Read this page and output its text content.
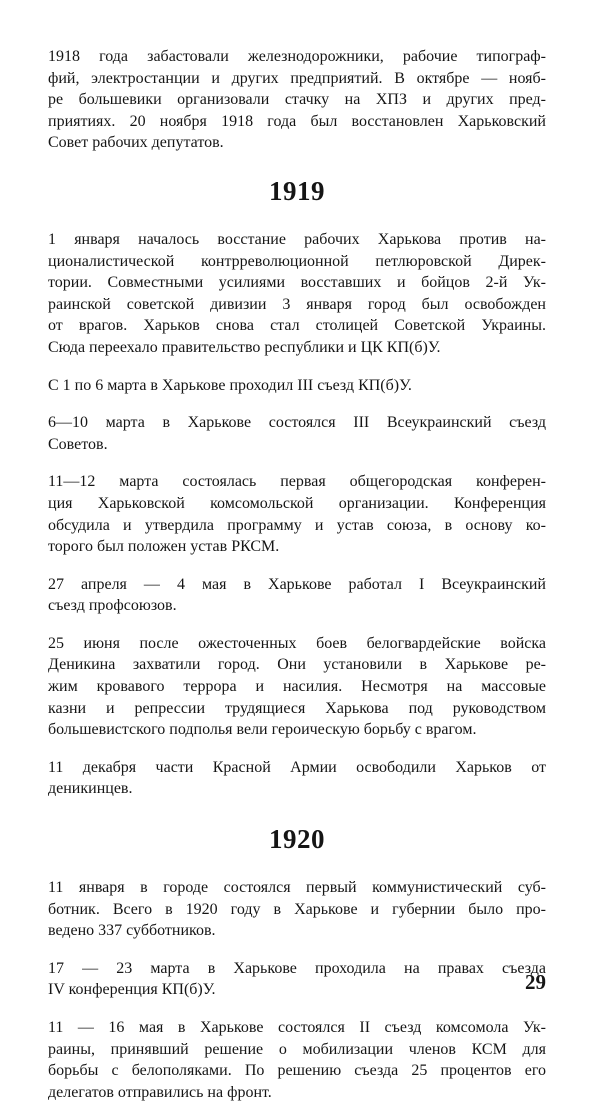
1918 года забастовали железнодорожники, рабочие типограф-
фий, электростанции и других предприятий. В октябре — нояб-
ре большевики организовали стачку на ХПЗ и других пред-
приятиях. 20 ноября 1918 года был восстановлен Харьковский
Совет рабочих депутатов.

1919

1 января началось восстание рабочих Харькова против на-
ционалистической контрреволюционной петлюровской Дирек-
тории. Совместными усилиями восставших и бойцов 2-й Ук-
раинской советской дивизии 3 января город был освобожден
от врагов. Харьков снова стал столицей Советской Украины.
Сюда переехало правительство республики и ЦК КП(б)У.

С 1 по 6 марта в Харькове проходил III съезд КП(б)У.

6—10 марта в Харькове состоялся III Всеукраинский съезд
Советов.

11—12 марта состоялась первая общегородская конферен-
ция Харьковской комсомольской организации. Конференция
обсудила и утвердила программу и устав союза, в основу ко-
торого был положен устав РКСМ.

27 апреля — 4 мая в Харькове работал I Всеукраинский
съезд профсоюзов.

25 июня после ожесточенных боев белогвардейские войска
Деникина захватили город. Они установили в Харькове ре-
жим кровавого террора и насилия. Несмотря на массовые
казни и репрессии трудящиеся Харькова под руководством
большевистского подполья вели героическую борьбу с врагом.

11 декабря части Красной Армии освободили Харьков от
деникинцев.

1920

11 января в городе состоялся первый коммунистический суб-
ботник. Всего в 1920 году в Харькове и губернии было про-
ведено 337 субботников.

17 — 23 марта в Харькове проходила на правах съезда
IV конференция КП(б)У.

11 — 16 мая в Харькове состоялся II съезд комсомола Ук-
раины, принявший решение о мобилизации членов КСМ для
борьбы с белополяками. По решению съезда 25 процентов его
делегатов отправились на фронт.

29
